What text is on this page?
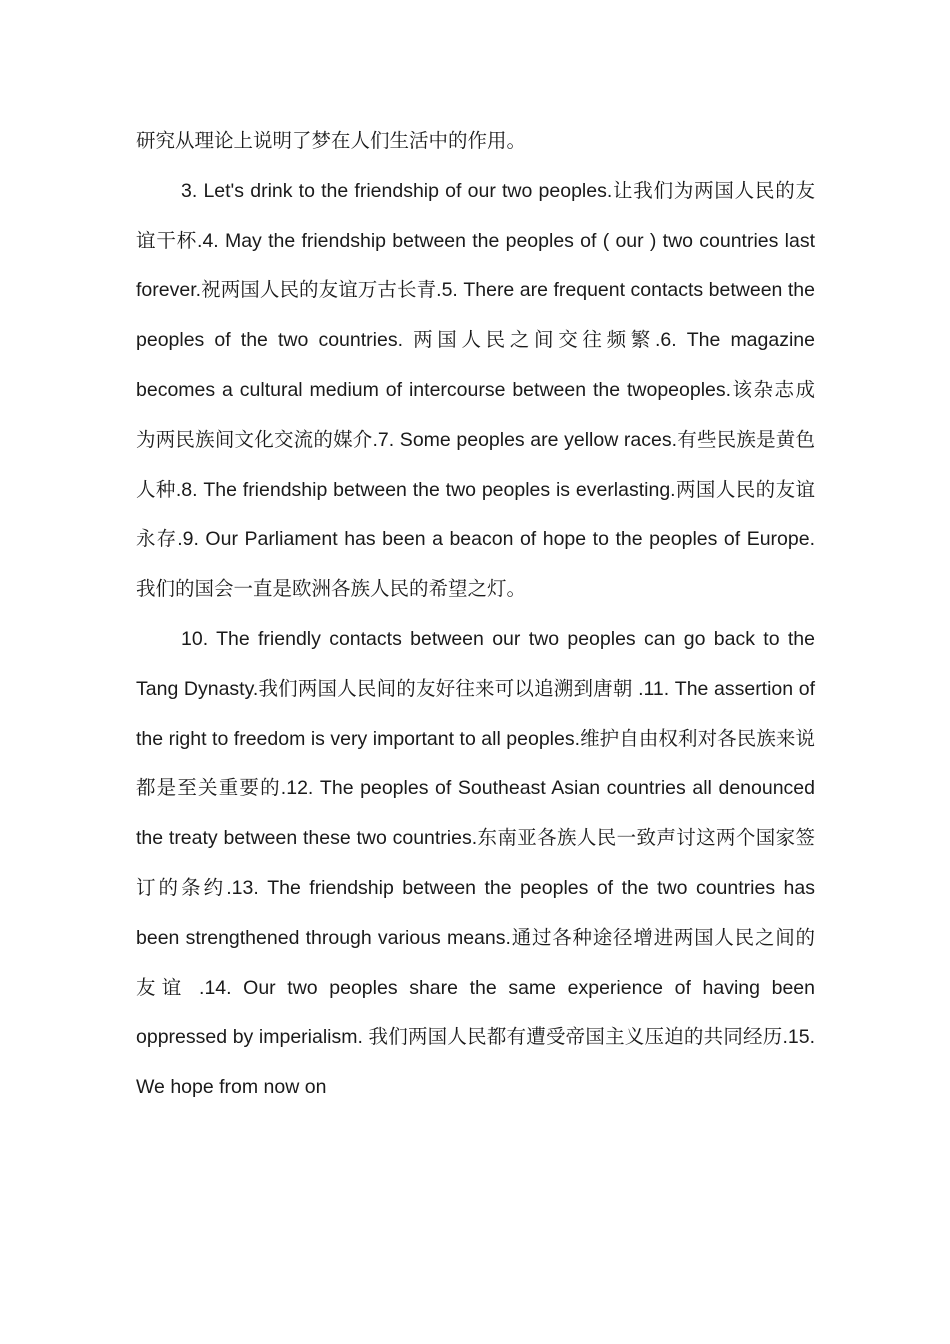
研究从理论上说明了梦在人们生活中的作用。

3. Let's drink to the friendship of our two peoples.让我们为两国人民的友谊干杯.4. May the friendship between the peoples of ( our ) two countries last forever.祝两国人民的友谊万古长青.5. There are frequent contacts between the peoples of the two countries. 两国人民之间交往频繁.6. The magazine becomes a cultural medium of intercourse between the twopeoples.该杂志成为两民族间文化交流的媒介.7. Some peoples are yellow races.有些民族是黄色人种.8. The friendship between the two peoples is everlasting.两国人民的友谊永存.9. Our Parliament has been a beacon of hope to the peoples of Europe. 我们的国会一直是欧洲各族人民的希望之灯。

10. The friendly contacts between our two peoples can go back to the Tang Dynasty.我们两国人民间的友好往来可以追溯到唐朝 .11. The assertion of the right to freedom is very important to all peoples.维护自由权利对各民族来说都是至关重要的.12. The peoples of Southeast Asian countries all denounced the treaty between these two countries.东南亚各族人民一致声讨这两个国家签订的条约.13. The friendship between the peoples of the two countries has been strengthened through various means.通过各种途径增进两国人民之间的友谊 .14. Our two peoples share the same experience of having been oppressed by imperialism. 我们两国人民都有遭受帝国主义压迫的共同经历.15. We hope from now on
